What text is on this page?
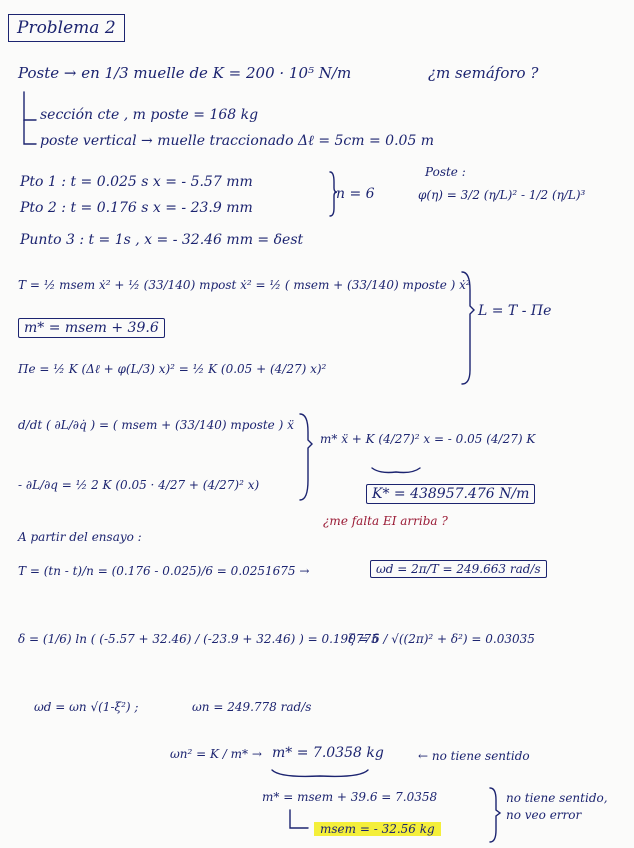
Problema 2
Poste → en 1/3 muelle de K = 200 · 10⁵ N/m	¿m semáforo ?
sección cte , m poste = 168 kg
poste vertical → muelle traccionado Δℓ = 5cm = 0.05 m
Pto 1 : t = 0.025 s x = - 5.57 mm
Pto 2 : t = 0.176 s x = - 23.9 mm
n = 6
Poste :
φ(η) = 3/2 (η/L)² - 1/2 (η/L)³
Punto 3 : t = 1s , x = - 32.46 mm = δest
T = ½ msem ẋ² + ½ (33/140) mpost ẋ² = ½ ( msem + (33/140) mposte ) ẋ²
L = T - Πe
m* = msem + 39.6
Πe = ½ K (Δℓ + φ(L/3) x)² = ½ K (0.05 + (4/27) x)²
d/dt ( ∂L/∂q̇ ) = ( msem + (33/140) mposte ) ẍ
- ∂L/∂q = ½ 2 K (0.05 · 4/27 + (4/27)² x)
m* ẍ + K (4/27)² x = - 0.05 (4/27) K
K* = 438957.476 N/m
¿me falta EI arriba ?
A partir del ensayo :
T = (tn - t)/n = (0.176 - 0.025)/6 = 0.0251675 →	ωd = 2π/T = 249.663 rad/s
δ = (1/6) ln ( (-5.57 + 32.46) / (-23.9 + 32.46) ) = 0.190775
ξ = δ / √((2π)² + δ²) = 0.03035
ωd = ωn √(1-ξ²) ;	ωn = 249.778 rad/s
ωn² = K / m* → m* = 7.0358 kg	← no tiene sentido
m* = msem + 39.6 = 7.0358
msem = - 32.56 kg
no tiene sentido, no veo error
